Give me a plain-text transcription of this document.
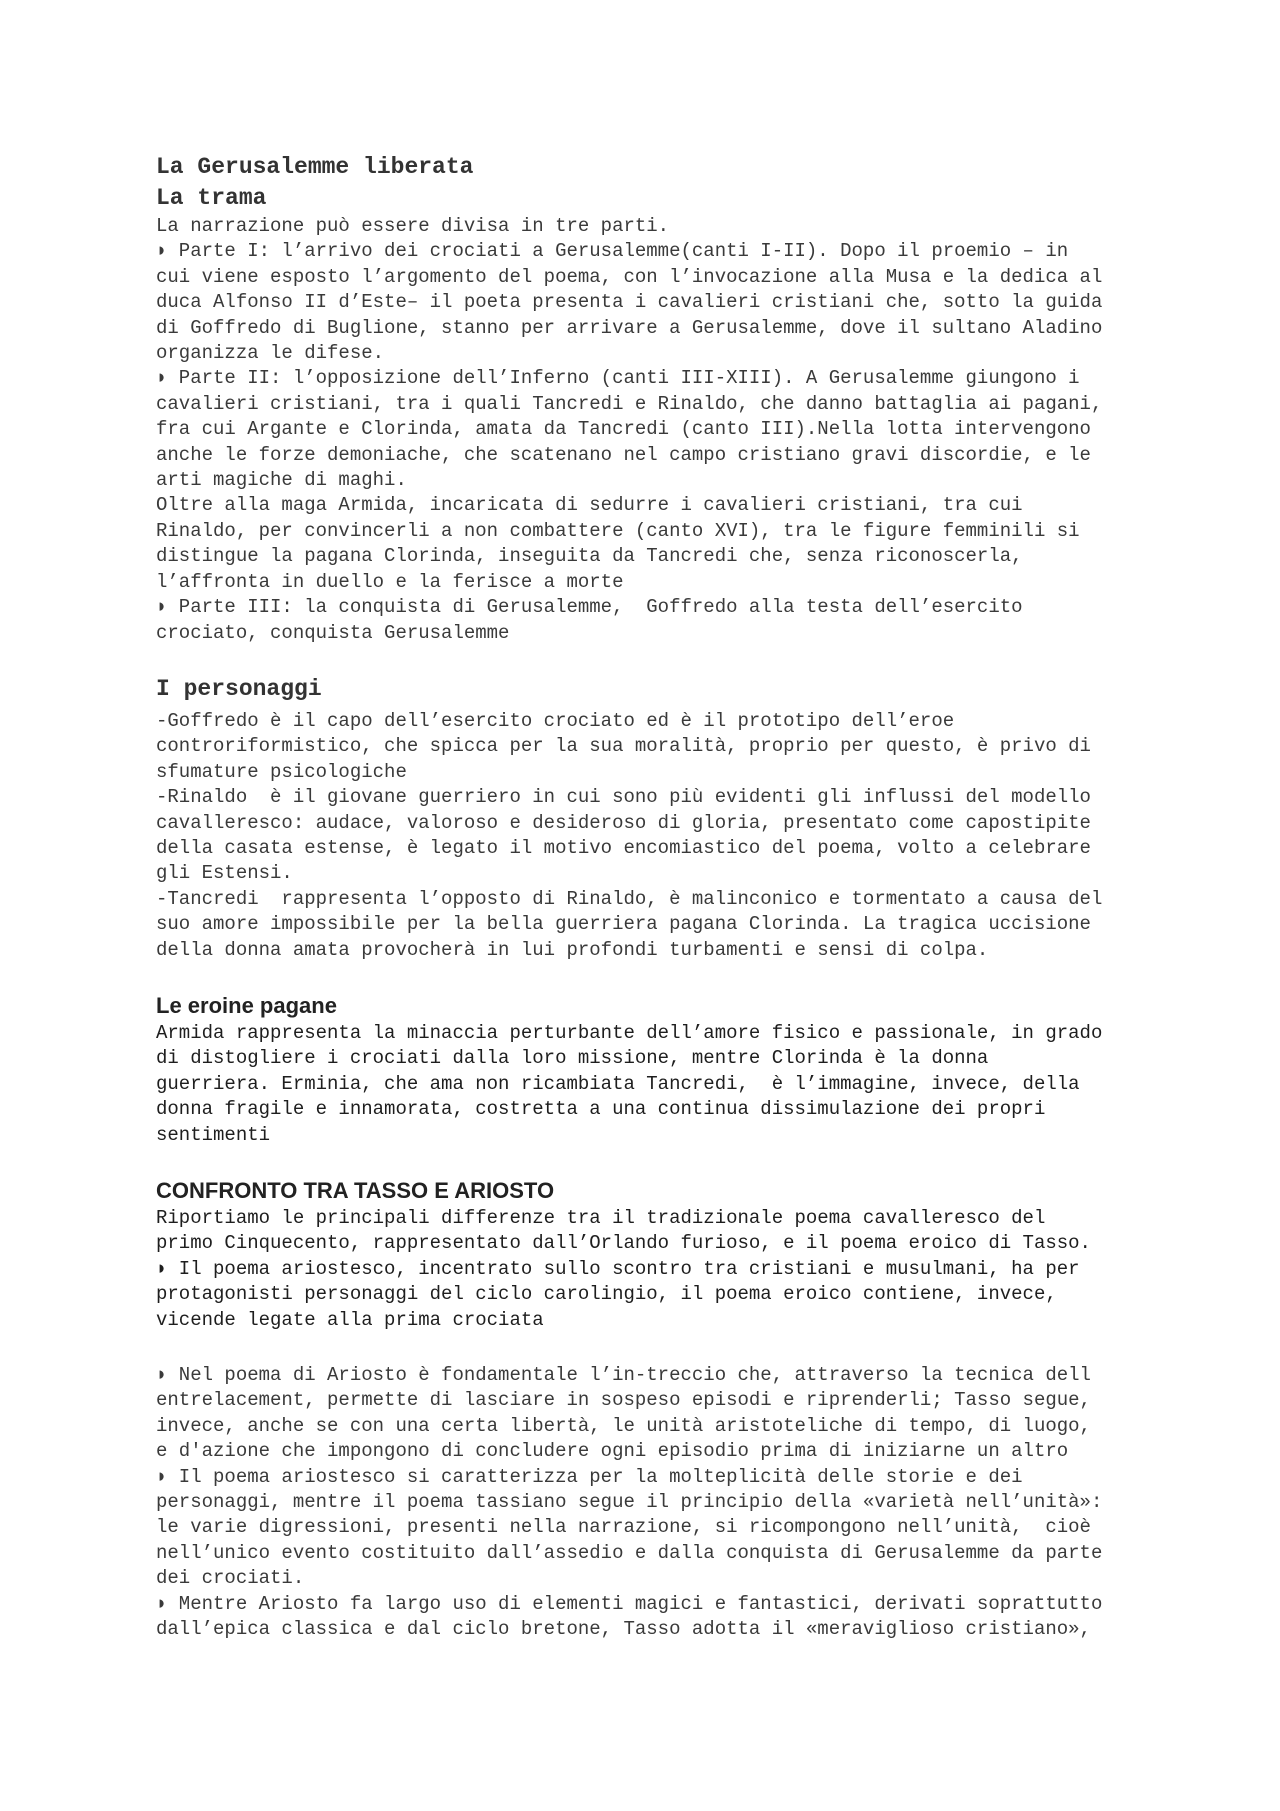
La Gerusalemme liberata
La trama
La narrazione può essere divisa in tre parti.
◗ Parte I: l’arrivo dei crociati a Gerusalemme(canti I-II). Dopo il proemio – in
cui viene esposto l’argomento del poema, con l’invocazione alla Musa e la dedica al
duca Alfonso II d’Este– il poeta presenta i cavalieri cristiani che, sotto la guida
di Goffredo di Buglione, stanno per arrivare a Gerusalemme, dove il sultano Aladino
organizza le difese.
◗ Parte II: l’opposizione dell’Inferno (canti III-XIII). A Gerusalemme giungono i
cavalieri cristiani, tra i quali Tancredi e Rinaldo, che danno battaglia ai pagani,
fra cui Argante e Clorinda, amata da Tancredi (canto III).Nella lotta intervengono
anche le forze demoniache, che scatenano nel campo cristiano gravi discordie, e le
arti magiche di maghi.
Oltre alla maga Armida, incaricata di sedurre i cavalieri cristiani, tra cui
Rinaldo, per convincerli a non combattere (canto XVI), tra le figure femminili si
distingue la pagana Clorinda, inseguita da Tancredi che, senza riconoscerla,
l’affronta in duello e la ferisce a morte
◗ Parte III: la conquista di Gerusalemme,  Goffredo alla testa dell’esercito
crociato, conquista Gerusalemme
I personaggi
-Goffredo è il capo dell’esercito crociato ed è il prototipo dell’eroe
controriformistico, che spicca per la sua moralità, proprio per questo, è privo di
sfumature psicologiche
-Rinaldo  è il giovane guerriero in cui sono più evidenti gli influssi del modello
cavalleresco: audace, valoroso e desideroso di gloria, presentato come capostipite
della casata estense, è legato il motivo encomiastico del poema, volto a celebrare
gli Estensi.
-Tancredi  rappresenta l’opposto di Rinaldo, è malinconico e tormentato a causa del
suo amore impossibile per la bella guerriera pagana Clorinda. La tragica uccisione
della donna amata provocherà in lui profondi turbamenti e sensi di colpa.
Le eroine pagane
Armida rappresenta la minaccia perturbante dell’amore fisico e passionale, in grado
di distogliere i crociati dalla loro missione, mentre Clorinda è la donna
guerriera. Erminia, che ama non ricambiata Tancredi,  è l’immagine, invece, della
donna fragile e innamorata, costretta a una continua dissimulazione dei propri
sentimenti
CONFRONTO TRA TASSO E ARIOSTO
Riportiamo le principali differenze tra il tradizionale poema cavalleresco del
primo Cinquecento, rappresentato dall’Orlando furioso, e il poema eroico di Tasso.
◗ Il poema ariostesco, incentrato sullo scontro tra cristiani e musulmani, ha per
protagonisti personaggi del ciclo carolingio, il poema eroico contiene, invece,
vicende legate alla prima crociata
◗ Nel poema di Ariosto è fondamentale l’in-treccio che, attraverso la tecnica dell
entrelacement, permette di lasciare in sospeso episodi e riprenderli; Tasso segue,
invece, anche se con una certa libertà, le unità aristoteliche di tempo, di luogo,
e d'azione che impongono di concludere ogni episodio prima di iniziarne un altro
◗ Il poema ariostesco si caratterizza per la molteplicità delle storie e dei
personaggi, mentre il poema tassiano segue il principio della «varietà nell’unità»:
le varie digressioni, presenti nella narrazione, si ricompongono nell’unità,  cioè
nell’unico evento costituito dall’assedio e dalla conquista di Gerusalemme da parte
dei crociati.
◗ Mentre Ariosto fa largo uso di elementi magici e fantastici, derivati soprattutto
dall’epica classica e dal ciclo bretone, Tasso adotta il «meraviglioso cristiano»,
